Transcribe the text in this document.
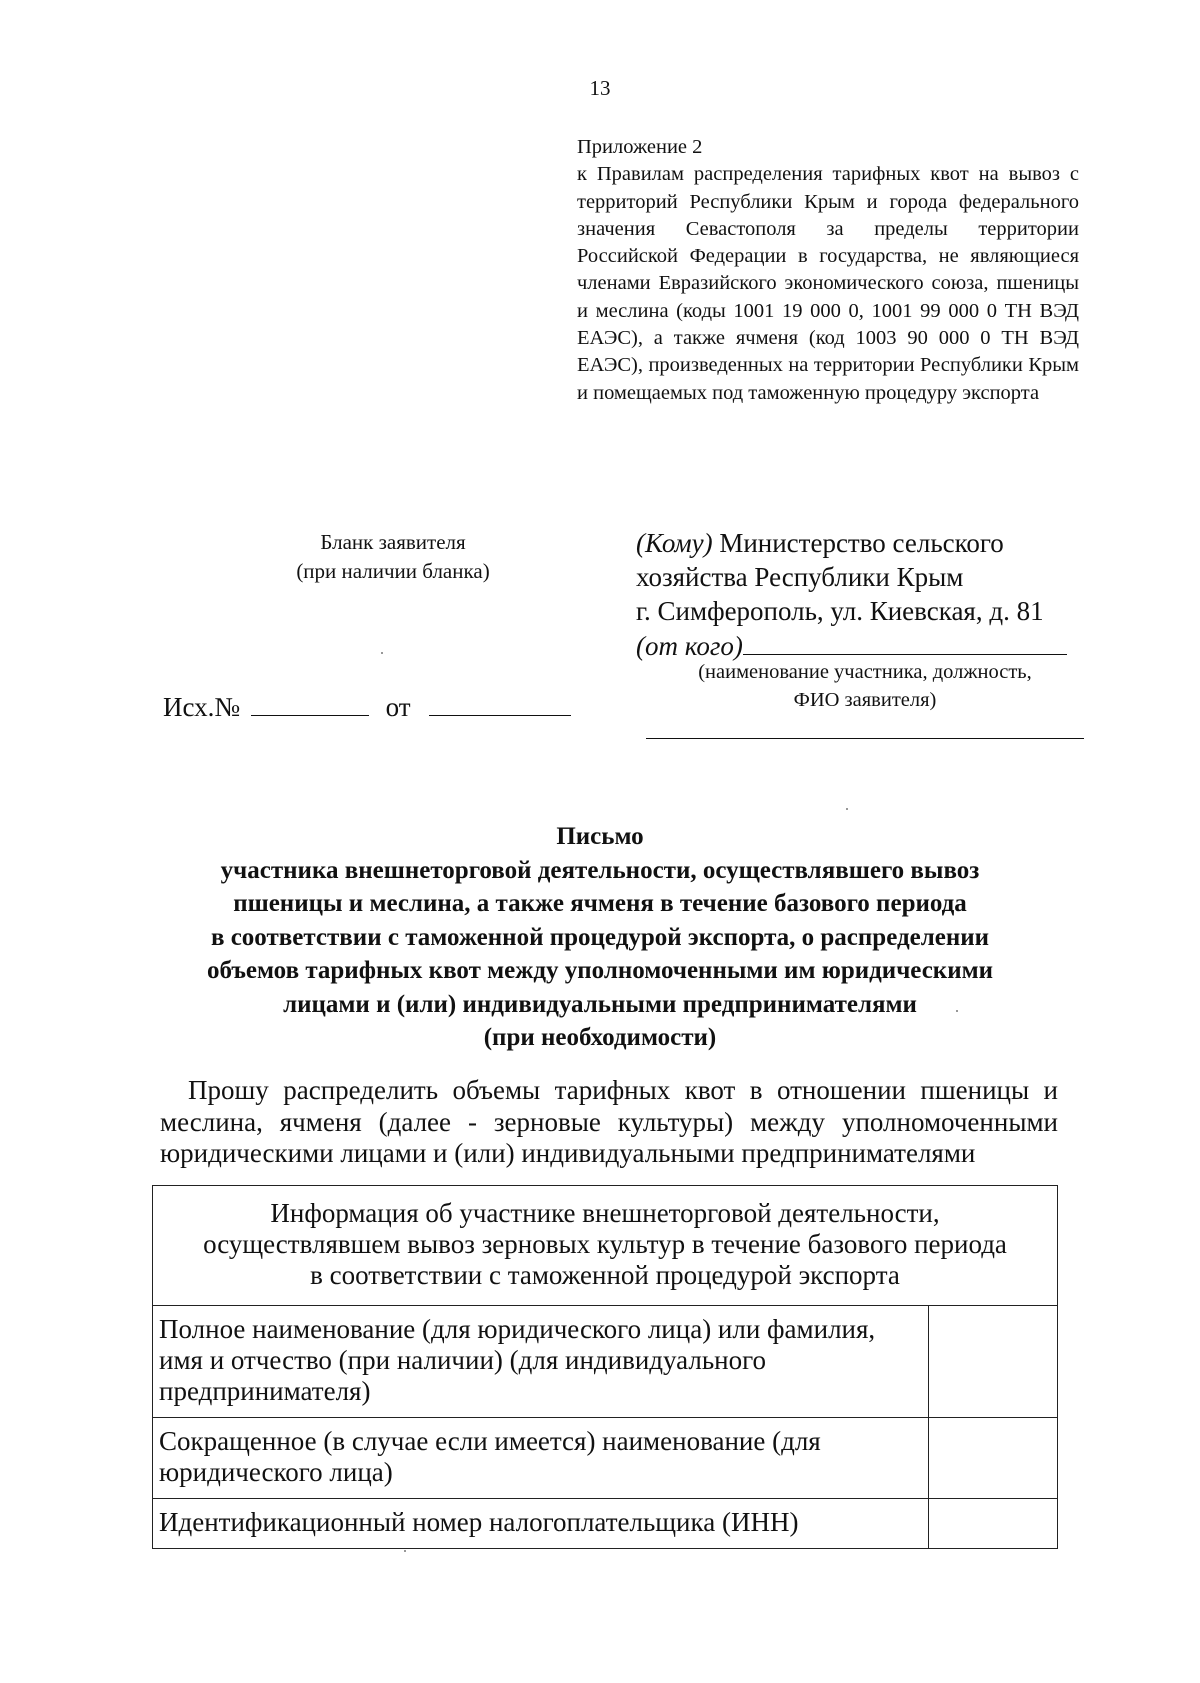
13
Приложение 2
к Правилам распределения тарифных квот на вывоз с территорий Республики Крым и города федерального значения Севастополя за пределы территории Российской Федерации в государства, не являющиеся членами Евразийского экономического союза, пшеницы и меслина (коды 1001 19 000 0, 1001 99 000 0 ТН ВЭД ЕАЭС), а также ячменя (код 1003 90 000 0 ТН ВЭД ЕАЭС), произведенных на территории Республики Крым и помещаемых под таможенную процедуру экспорта
Бланк заявителя
(при наличии бланка)
(Кому) Министерство сельского
хозяйства Республики Крым
г. Симферополь, ул. Киевская, д. 81
(от кого)
(наименование участника, должность,
ФИО заявителя)
Исх.№	от
Письмо
участника внешнеторговой деятельности, осуществлявшего вывоз
пшеницы и меслина, а также ячменя в течение базового периода
в соответствии с таможенной процедурой экспорта, о распределении
объемов тарифных квот между уполномоченными им юридическими
лицами и (или) индивидуальными предпринимателями
(при необходимости)
Прошу распределить объемы тарифных квот в отношении пшеницы и
меслина, ячменя (далее - зерновые культуры) между уполномоченными
юридическими лицами и (или) индивидуальными предпринимателями
Информация об участнике внешнеторговой деятельности,
осуществлявшем вывоз зерновых культур в течение базового периода
в соответствии с таможенной процедурой экспорта	

Полное наименование (для юридического лица) или фамилия,
имя и отчество (при наличии) (для индивидуального
предпринимателя)	

Сокращенное (в случае если имеется) наименование (для
юридического лица)	

Идентификационный номер налогоплательщика (ИНН)	
